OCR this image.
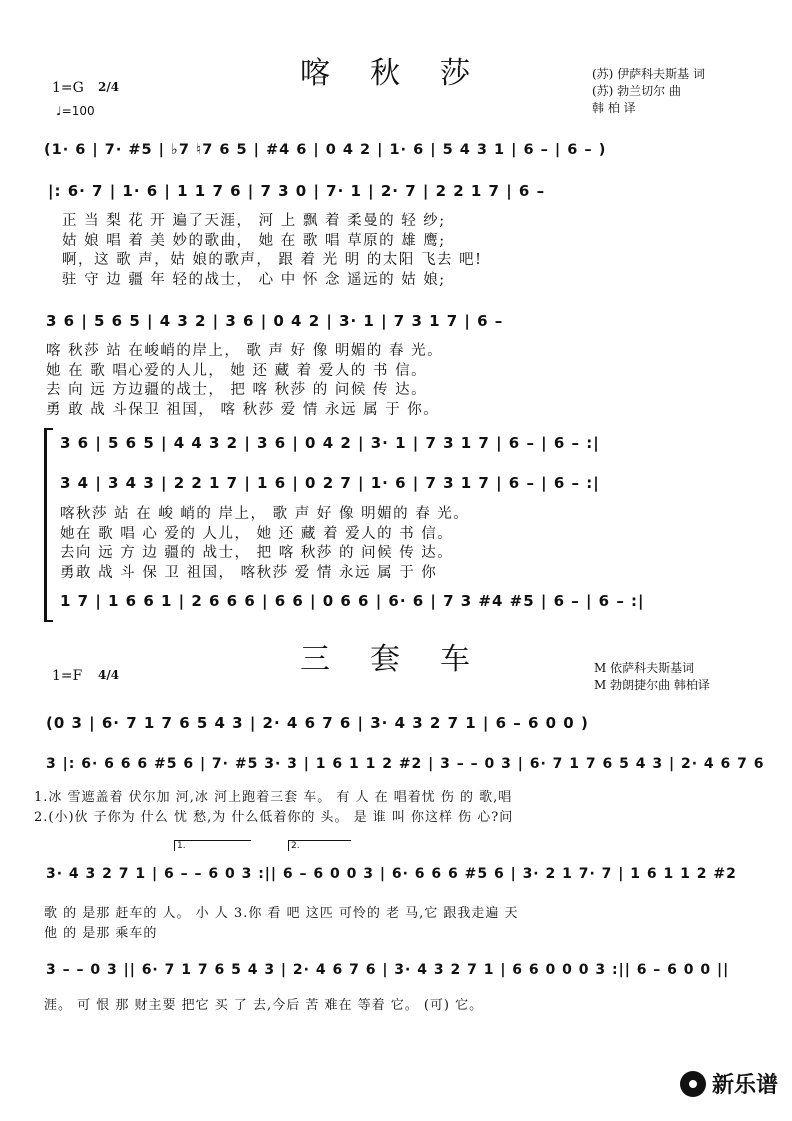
喀秋莎	(苏) 伊萨科夫斯基 词
(苏) 勃兰切尔 曲
韩 柏 译
1=G 2/4
♩=100
(1· 6 | 7· #5 | ♭7 ♮7 6 5 | #4 6 | 0 4 2 | 1· 6 | 5 4 3 1 | 6 – | 6 – )
|: 6· 7 | 1· 6 | 1 1 7 6 | 7 3 0 | 7· 1 | 2· 7 | 2 2 1 7 | 6 –
正 当 梨 花 开 遍了天涯， 河 上 飘 着 柔曼的 轻 纱;
姑 娘 唱 着 美 妙的歌曲， 她 在 歌 唱 草原的 雄 鹰;
啊，这 歌 声，姑 娘的歌声， 跟 着 光 明 的太阳 飞去 吧!
驻 守 边 疆 年 轻的战士， 心 中 怀 念 遥远的 姑 娘;
3 6 | 5 6 5 | 4 3 2 | 3 6 | 0 4 2 | 3· 1 | 7 3 1 7 | 6 –
喀 秋莎 站 在峻峭的岸上， 歌 声 好 像 明媚的 春 光。
她 在 歌 唱心爱的人儿， 她 还 藏 着 爱人的 书 信。
去 向 远 方边疆的战士， 把 喀 秋莎 的 问候 传 达。
勇 敢 战 斗保卫 祖国， 喀 秋莎 爱 情 永远 属 于 你。
3 6 | 5 6 5 | 4 4 3 2 | 3 6 | 0 4 2 | 3· 1 | 7 3 1 7 | 6 – | 6 – :|
3 4 | 3 4 3 | 2 2 1 7 | 1 6 | 0 2 7 | 1· 6 | 7 3 1 7 | 6 – | 6 – :|
喀秋莎 站 在 峻 峭的 岸上， 歌 声 好 像 明媚的 春 光。
她在 歌 唱 心 爱的 人儿， 她 还 藏 着 爱人的 书 信。
去向 远 方 边 疆的 战士， 把 喀 秋莎 的 问候 传 达。
勇敢 战 斗 保 卫 祖国， 喀秋莎 爱 情 永远 属 于 你
1 7 | 1 6 6 1 | 2 6 6 6 | 6 6 | 0 6 6 | 6· 6 | 7 3 #4 #5 | 6 – | 6 – :|
三套车	M 依萨科夫斯基词
M 勃朗捷尔曲 韩柏译
1=F 4/4
(0 3 | 6· 7 1 7 6 5 4 3 | 2· 4 6 7 6 | 3· 4 3 2 7 1 | 6 – 6 0 0 )
3 |: 6· 6 6 6 #5 6 | 7· #5 3· 3 | 1 6 1 1 2 #2 | 3 – – 0 3 | 6· 7 1 7 6 5 4 3 | 2· 4 6 7 6
1.冰 雪遮盖着 伏尔加 河,冰 河上跑着三套 车。 有 人 在 唱着忧 伤 的 歌,唱
2.(小)伙 子你为 什么 忧 愁,为 什么低着你的 头。 是 谁 叫 你这样 伤 心?问
1.	2.
3· 4 3 2 7 1 | 6 – – 6 0 3 :|| 6 – 6 0 0 3 | 6· 6 6 6 #5 6 | 3· 2 1 7· 7 | 1 6 1 1 2 #2
歌 的 是那 赶车的 人。 小 人 3.你 看 吧 这匹 可怜的 老 马,它 跟我走遍 天
他 的 是那 乘车的
3 – – 0 3 || 6· 7 1 7 6 5 4 3 | 2· 4 6 7 6 | 3· 4 3 2 7 1 | 6 6 0 0 0 3 :|| 6 – 6 0 0 ||
涯。 可 恨 那 财主要 把它 买 了 去,今后 苦 难在 等着 它。 (可) 它。
新乐谱
